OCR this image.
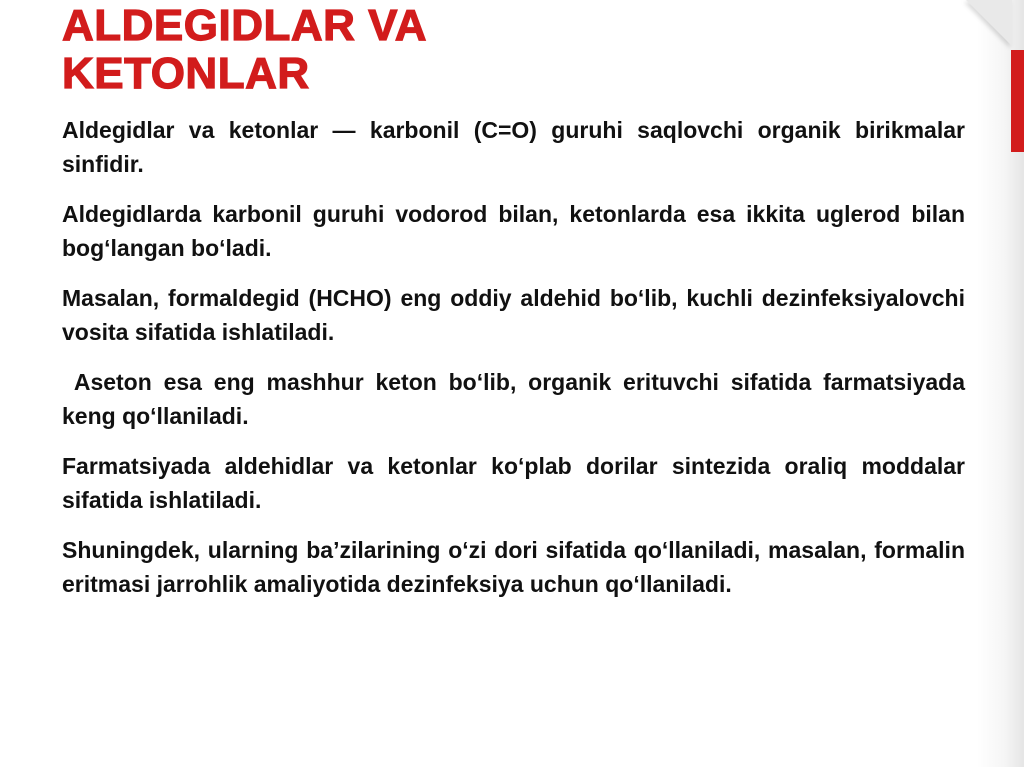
ALDEGIDLAR VA
KETONLAR

Aldegidlar va ketonlar — karbonil (C=O) guruhi saqlovchi organik birikmalar sinfidir.

Aldegidlarda karbonil guruhi vodorod bilan, ketonlarda esa ikkita uglerod bilan bog‘langan bo‘ladi.

Masalan, formaldegid (HCHO) eng oddiy aldehid bo‘lib, kuchli dezinfeksiyalovchi vosita sifatida ishlatiladi.

Aseton esa eng mashhur keton bo‘lib, organik erituvchi sifatida farmatsiyada keng qo‘llaniladi.

Farmatsiyada aldehidlar va ketonlar ko‘plab dorilar sintezida oraliq moddalar sifatida ishlatiladi.

Shuningdek, ularning ba’zilarining o‘zi dori sifatida qo‘llaniladi, masalan, formalin eritmasi jarrohlik amaliyotida dezinfeksiya uchun qo‘llaniladi.
